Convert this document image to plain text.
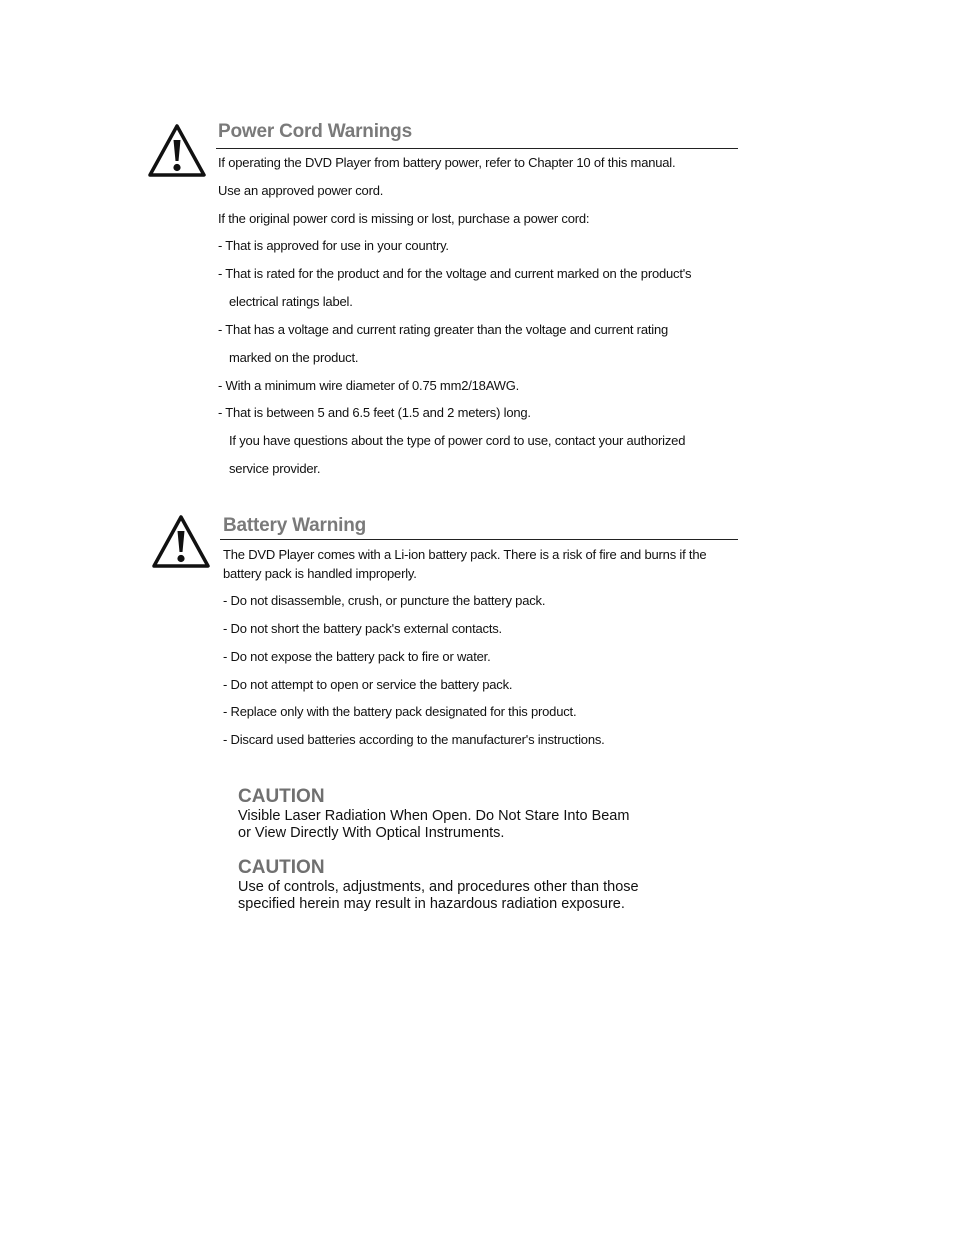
Power Cord Warnings
If operating the DVD Player from battery power, refer to Chapter 10 of this manual.
Use an approved power cord.
If the original power cord is missing or lost, purchase a power cord:
- That is approved for use in your country.
- That is rated for the product and for the voltage and current marked on the product's
electrical ratings label.
- That has a voltage and current rating greater than the voltage and current rating
marked on the product.
- With a minimum wire diameter of 0.75 mm2/18AWG.
- That is between 5 and 6.5 feet (1.5 and 2 meters) long.
If you have questions about the type of power cord to use, contact your authorized
service provider.
Battery Warning
The DVD Player comes with a Li-ion battery pack. There is a risk of fire and burns if the
battery pack is handled improperly.
- Do not disassemble, crush, or puncture the battery pack.
- Do not short the battery pack's external contacts.
- Do not expose the battery pack to fire or water.
- Do not attempt to open or service the battery pack.
- Replace only with the battery pack designated for this product.
- Discard used batteries according to the manufacturer's instructions.
CAUTION
Visible Laser Radiation When Open. Do Not Stare Into Beam
or View Directly With Optical Instruments.
CAUTION
Use of controls, adjustments, and procedures other than those
specified herein may result in hazardous radiation exposure.
